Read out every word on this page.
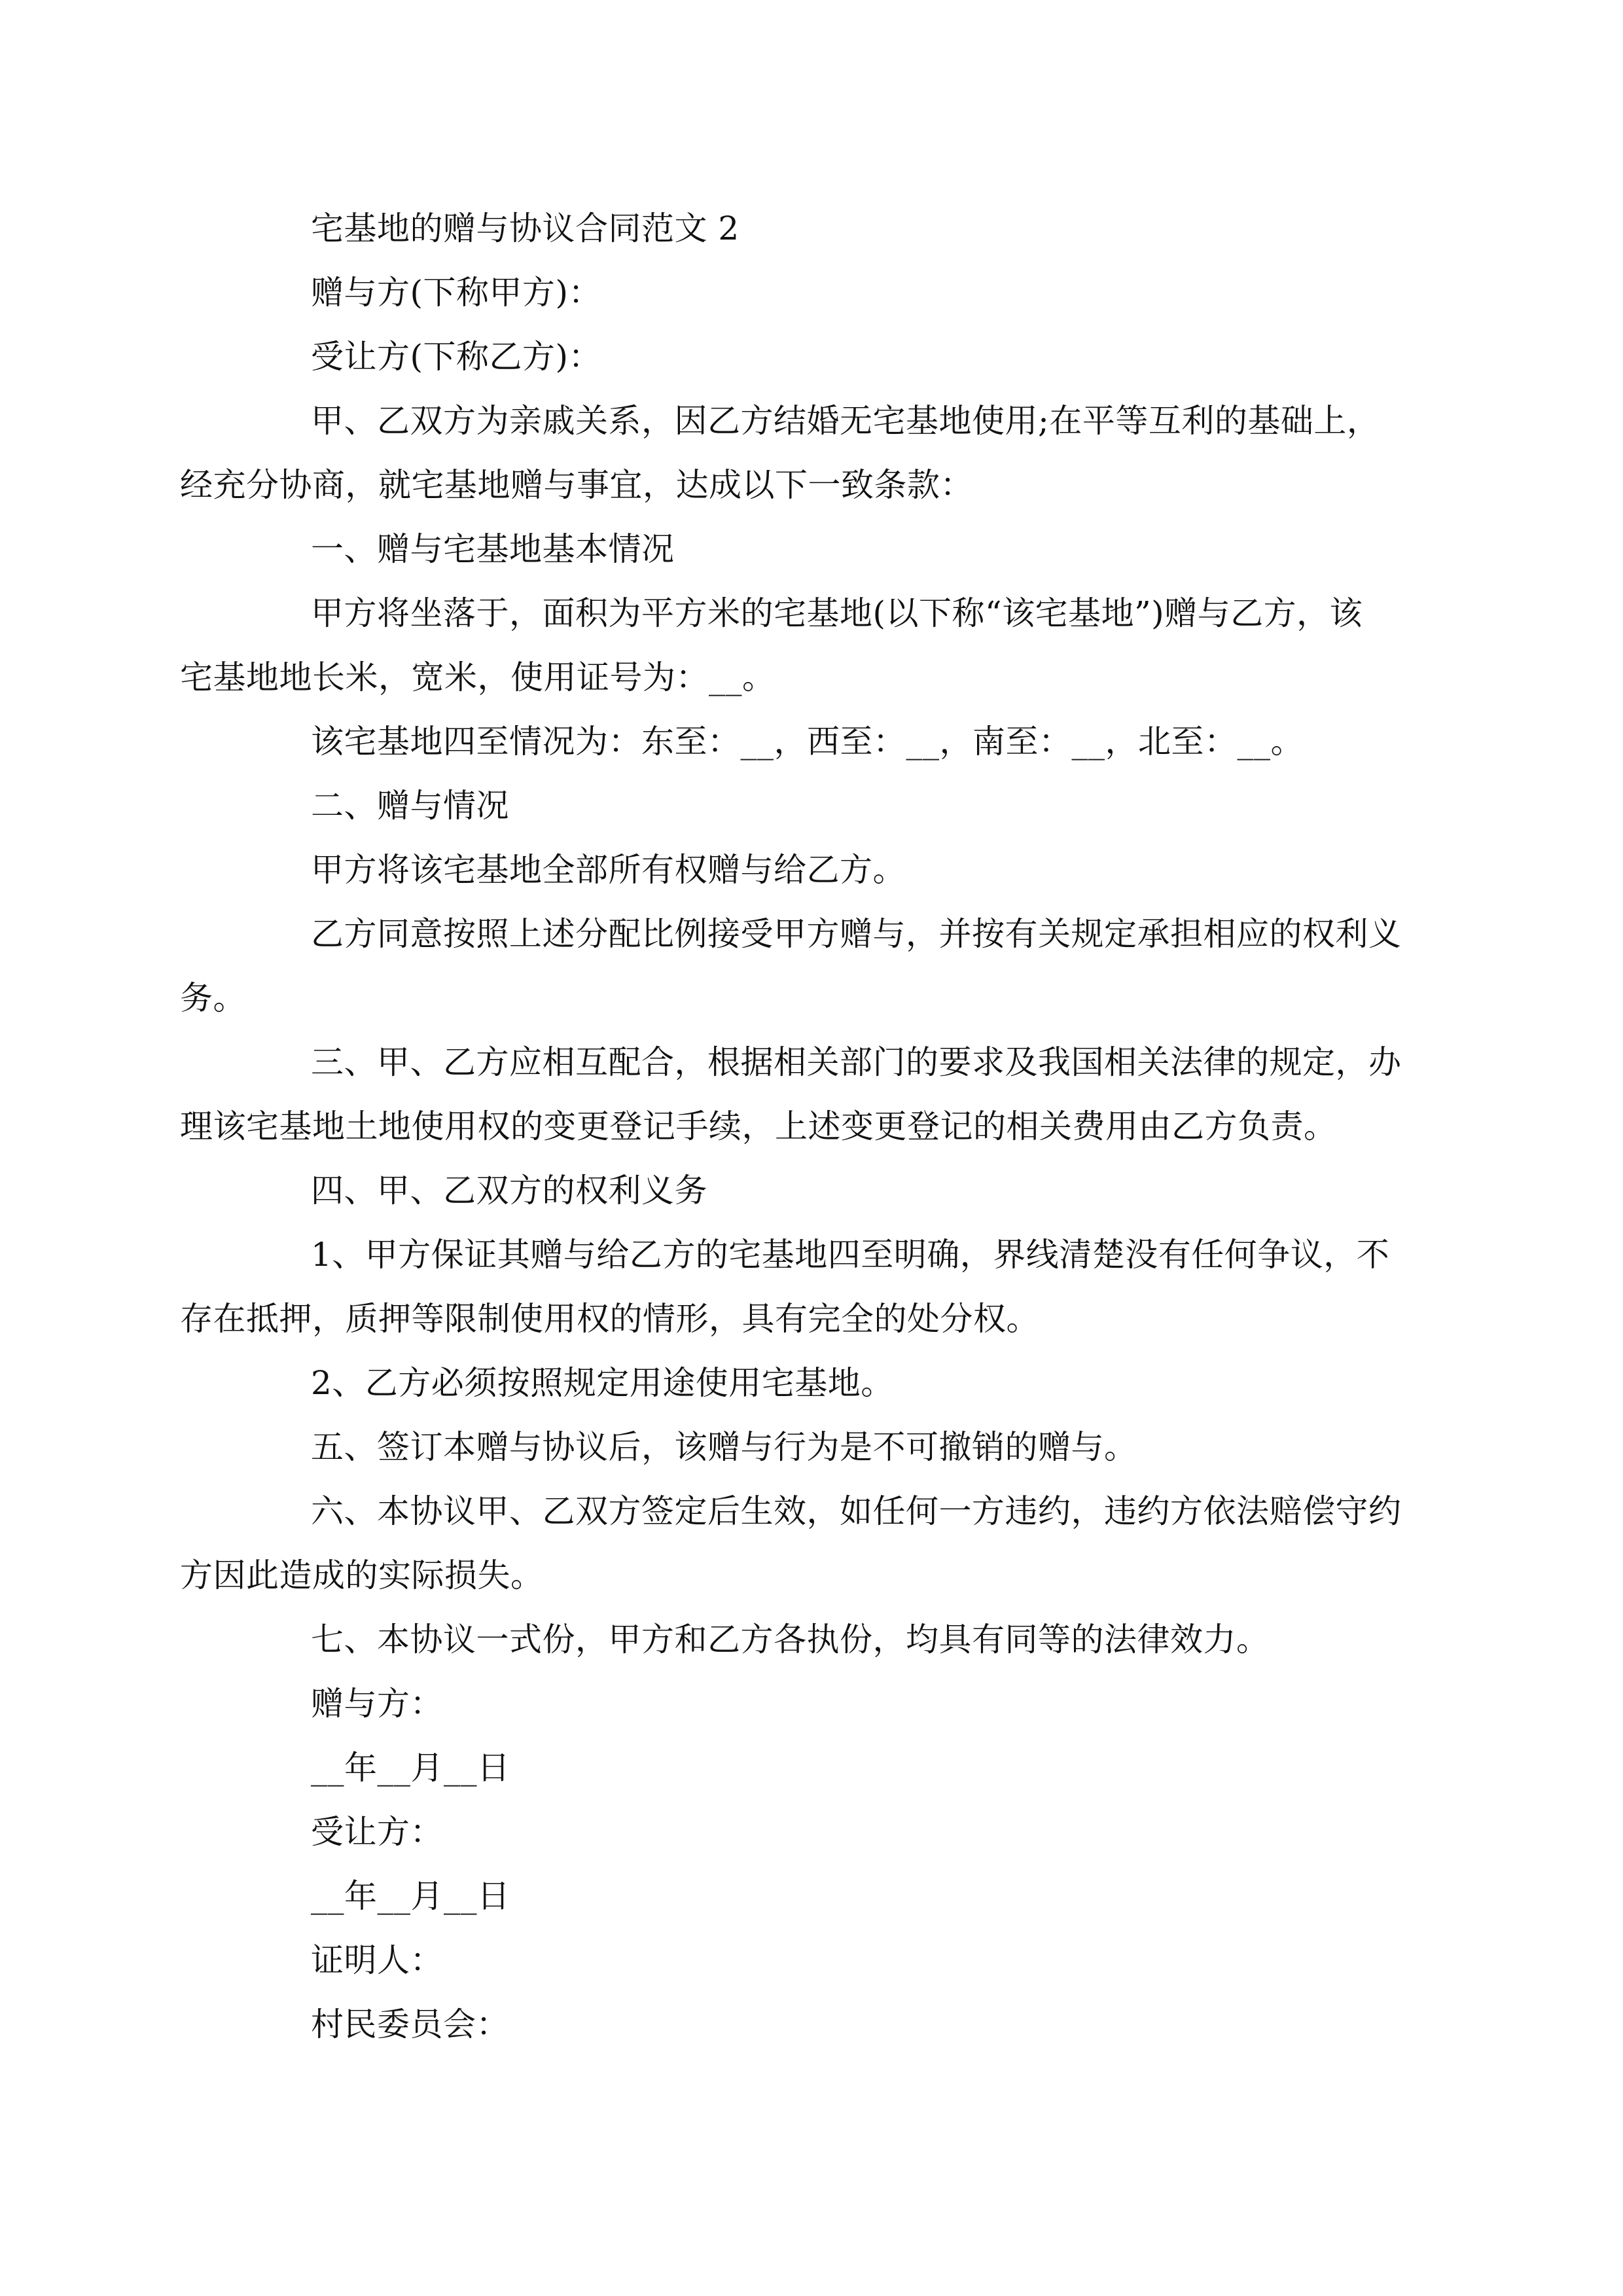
宅基地的赠与协议合同范文 2

赠与方(下称甲方)：

受让方(下称乙方)：

甲、乙双方为亲戚关系，因乙方结婚无宅基地使用;在平等互利的基础上，
经充分协商，就宅基地赠与事宜，达成以下一致条款：

一、赠与宅基地基本情况

甲方将坐落于，面积为平方米的宅基地(以下称“该宅基地”)赠与乙方，该
宅基地地长米，宽米，使用证号为：__。

该宅基地四至情况为：东至：__，西至：__，南至：__，北至：__。

二、赠与情况

甲方将该宅基地全部所有权赠与给乙方。

乙方同意按照上述分配比例接受甲方赠与，并按有关规定承担相应的权利义
务。

三、甲、乙方应相互配合，根据相关部门的要求及我国相关法律的规定，办
理该宅基地土地使用权的变更登记手续，上述变更登记的相关费用由乙方负责。

四、甲、乙双方的权利义务

1、甲方保证其赠与给乙方的宅基地四至明确，界线清楚没有任何争议，不
存在抵押，质押等限制使用权的情形，具有完全的处分权。

2、乙方必须按照规定用途使用宅基地。

五、签订本赠与协议后，该赠与行为是不可撤销的赠与。

六、本协议甲、乙双方签定后生效，如任何一方违约，违约方依法赔偿守约
方因此造成的实际损失。

七、本协议一式份，甲方和乙方各执份，均具有同等的法律效力。

赠与方：

__年__月__日

受让方：

__年__月__日

证明人：

村民委员会：
